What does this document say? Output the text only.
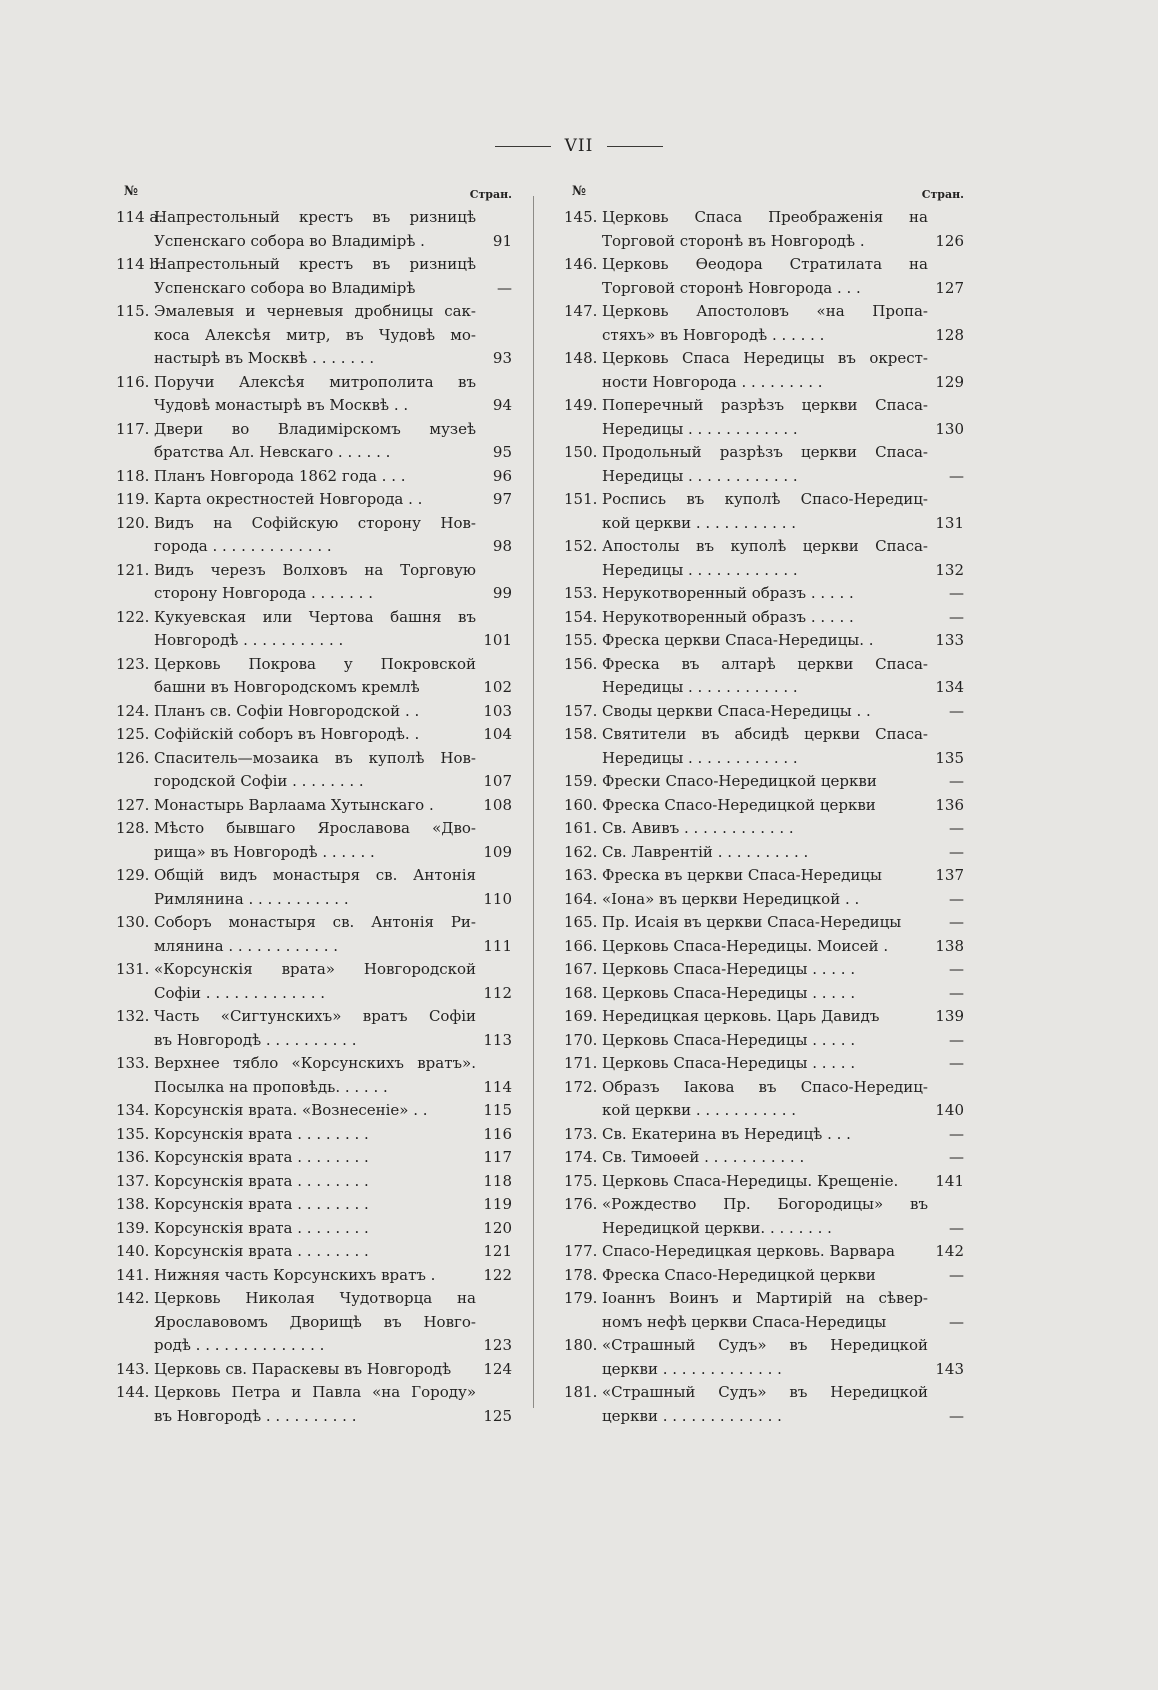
VII
№	Стран.
114 a.
Напрестольный крестъ въ ризницѣ
Успенскаго собора во Владимірѣ .	91
114 b.
Напрестольный крестъ въ ризницѣ
Успенскаго собора во Владимірѣ	—
115. Эмалевыя и черневыя дробницы сак-
коса Алексѣя митр, въ Чудовѣ мо-
настырѣ въ Москвѣ . . . . . . .	93
116. Поручи Алексѣя митрополита въ
Чудовѣ монастырѣ въ Москвѣ . .	94
117. Двери во Владимірскомъ музеѣ
братства Ал. Невскаго . . . . . .	95
118. Планъ Новгорода 1862 года . . .	96
119. Карта окрестностей Новгорода . .	97
120. Видъ на Софійскую сторону Нов-
города . . . . . . . . . . . . .	98
121. Видъ черезъ Волховъ на Торговую
сторону Новгорода . . . . . . .	99
122. Кукуевская или Чертова башня въ
Новгородѣ . . . . . . . . . . .	101
123. Церковь Покрова у Покровской
башни въ Новгородскомъ кремлѣ	102
124. Планъ св. Софіи Новгородской . .	103
125. Софійскій соборъ въ Новгородѣ. .	104
126. Спаситель—мозаика въ куполѣ Нов-
городской Софіи . . . . . . . .	107
127. Монастырь Варлаама Хутынскаго .	108
128. Мѣсто бывшаго Ярославова «Дво-
рища» въ Новгородѣ . . . . . .	109
129. Общій видъ монастыря св. Антонія
Римлянина . . . . . . . . . . .	110
130. Соборъ монастыря св. Антонія Ри-
млянина . . . . . . . . . . . .	111
131. «Корсунскія врата» Новгородской
Софіи . . . . . . . . . . . . .	112
132. Часть «Сигтунскихъ» вратъ Софіи
въ Новгородѣ . . . . . . . . . .	113
133. Верхнее тябло «Корсунскихъ вратъ».
Посылка на проповѣдь. . . . . .	114
134. Корсунскія врата. «Вознесеніе» . .	115
135. Корсунскія врата . . . . . . . .	116
136. Корсунскія врата . . . . . . . .	117
137. Корсунскія врата . . . . . . . .	118
138. Корсунскія врата . . . . . . . .	119
139. Корсунскія врата . . . . . . . .	120
140. Корсунскія врата . . . . . . . .	121
141. Нижняя часть Корсунскихъ вратъ .	122
142. Церковь Николая Чудотворца на
Ярославовомъ Дворищѣ въ Новго-
родѣ . . . . . . . . . . . . . .	123
143. Церковь св. Параскевы въ Новгородѣ	124
144. Церковь Петра и Павла «на Городу»
въ Новгородѣ . . . . . . . . . .	125
№	Стран.
145. Церковь Спаса Преображенія на
Торговой сторонѣ въ Новгородѣ .	126
146. Церковь Ѳеодора Стратилата на
Торговой сторонѣ Новгорода . . .	127
147. Церковь Апостоловъ «на Пропа-
стяхъ» въ Новгородѣ . . . . . .	128
148. Церковь Спаса Нередицы въ окрест-
ности Новгорода . . . . . . . . .	129
149. Поперечный разрѣзъ церкви Спаса-
Нередицы . . . . . . . . . . . .	130
150. Продольный разрѣзъ церкви Спаса-
Нередицы . . . . . . . . . . . .	—
151. Роспись въ куполѣ Спасо-Нередиц-
кой церкви . . . . . . . . . . .	131
152. Апостолы въ куполѣ церкви Спаса-
Нередицы . . . . . . . . . . . .	132
153. Нерукотворенный образъ . . . . .	—
154. Нерукотворенный образъ . . . . .	—
155. Фреска церкви Спаса-Нередицы. .	133
156. Фреска въ алтарѣ церкви Спаса-
Нередицы . . . . . . . . . . . .	134
157. Своды церкви Спаса-Нередицы . .	—
158. Святители въ абсидѣ церкви Спаса-
Нередицы . . . . . . . . . . . .	135
159. Фрески Спасо-Нередицкой церкви	—
160. Фреска Спасо-Нередицкой церкви	136
161. Св. Авивъ . . . . . . . . . . . .	—
162. Св. Лаврентій . . . . . . . . . .	—
163. Фреска въ церкви Спаса-Нередицы	137
164. «Іона» въ церкви Нередицкой . .	—
165. Пр. Исаія въ церкви Спаса-Нередицы	—
166. Церковь Спаса-Нередицы. Моисей .	138
167. Церковь Спаса-Нередицы . . . . .	—
168. Церковь Спаса-Нередицы . . . . .	—
169. Нередицкая церковь. Царь Давидъ	139
170. Церковь Спаса-Нередицы . . . . .	—
171. Церковь Спаса-Нередицы . . . . .	—
172. Образъ Іакова въ Спасо-Нередиц-
кой церкви . . . . . . . . . . .	140
173. Св. Екатерина въ Нередицѣ . . .	—
174. Св. Тимоѳей . . . . . . . . . . .	—
175. Церковь Спаса-Нередицы. Крещеніе.	141
176. «Рождество Пр. Богородицы» въ
Нередицкой церкви. . . . . . . .	—
177. Спасо-Нередицкая церковь. Варвара	142
178. Фреска Спасо-Нередицкой церкви	—
179. Іоаннъ Воинъ и Мартирій на сѣвер-
номъ нефѣ церкви Спаса-Нередицы	—
180. «Страшный Судъ» въ Нередицкой
церкви . . . . . . . . . . . . .	143
181. «Страшный Судъ» въ Нередицкой
церкви . . . . . . . . . . . . .	—
